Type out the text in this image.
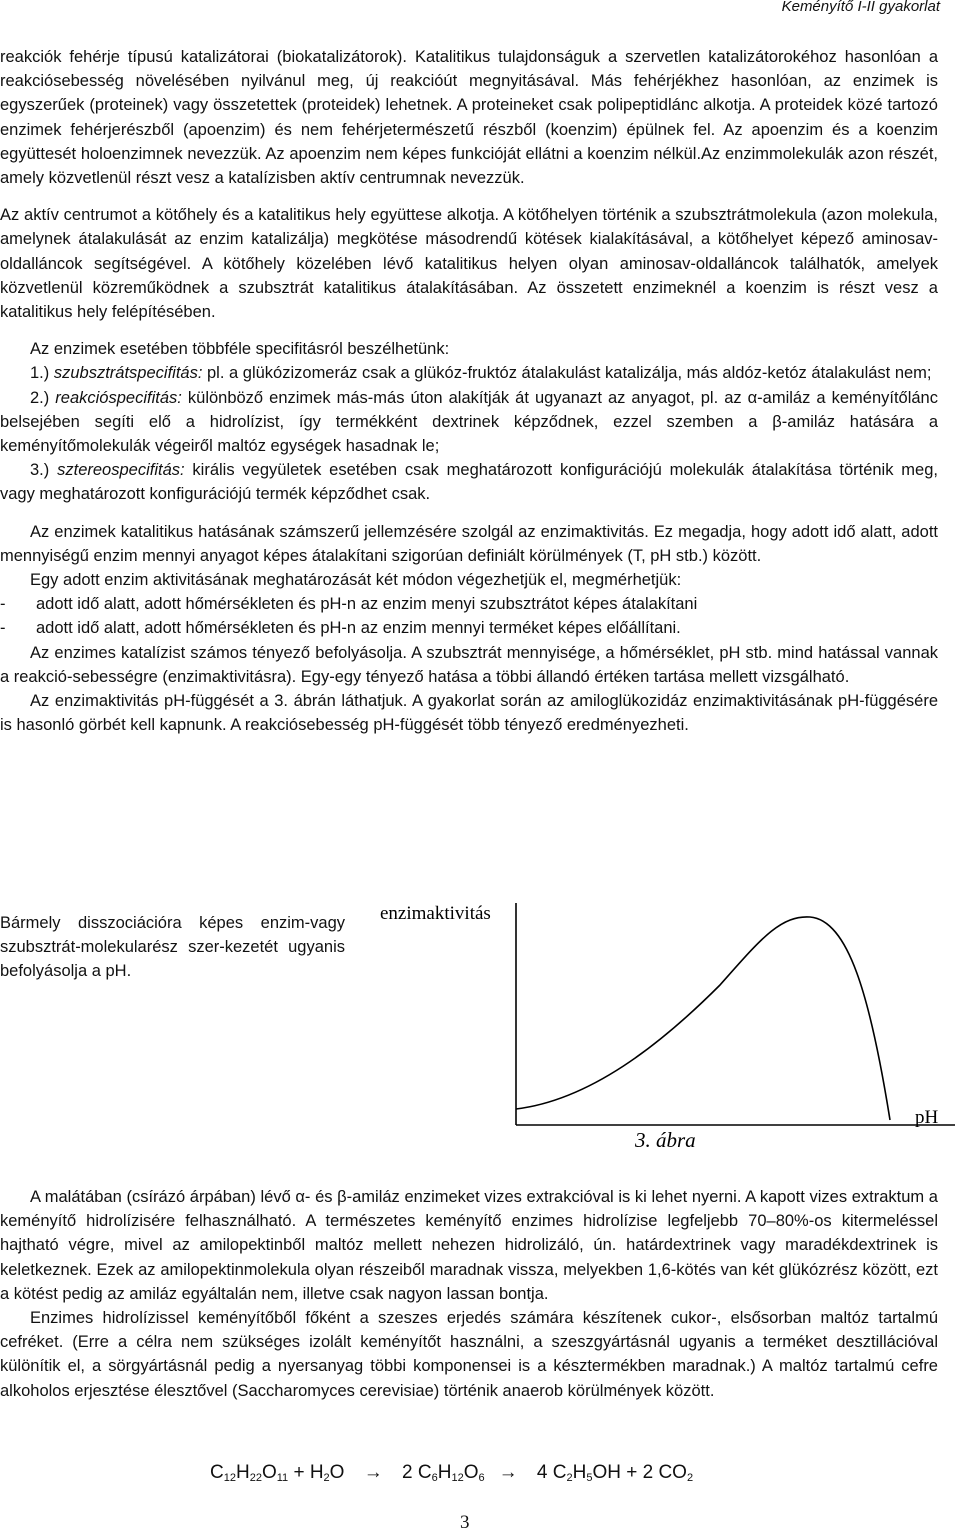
Keményítő I-II gyakorlat

reakciók fehérje típusú katalizátorai (biokatalizátorok). Katalitikus tulajdonságuk a szervetlen katalizátorokéhoz hasonlóan a reakciósebesség növelésében nyilvánul meg, új reakcióút megnyitásával. Más fehérjékhez hasonlóan, az enzimek is egyszerűek (proteinek) vagy összetettek (proteidek) lehetnek. A proteineket csak polipeptidlánc alkotja. A proteidek közé tartozó enzimek fehérjerészből (apoenzim) és nem fehérjetermészetű részből (koenzim) épülnek fel. Az apoenzim és a koenzim együttesét holoenzimnek nevezzük. Az apoenzim nem képes funkcióját ellátni a koenzim nélkül.Az enzimmolekulák azon részét, amely közvetlenül részt vesz a katalízisben aktív centrumnak nevezzük.

Az aktív centrumot a kötőhely és a katalitikus hely együttese alkotja. A kötőhelyen történik a szubsztrátmolekula (azon molekula, amelynek átalakulását az enzim katalizálja) megkötése másodrendű kötések kialakításával, a kötőhelyet képező aminosav-oldalláncok segítségével. A kötőhely közelében lévő katalitikus helyen olyan aminosav-oldalláncok találhatók, amelyek közvetlenül közreműködnek a szubsztrát katalitikus átalakításában. Az összetett enzimeknél a koenzim is részt vesz a katalitikus hely felépítésében.

Az enzimek esetében többféle specifitásról beszélhetünk:

1.) szubsztrátspecifitás: pl. a glükózizomeráz csak a glükóz-fruktóz átalakulást katalizálja, más aldóz-ketóz átalakulást nem;

2.) reakcióspecifitás: különböző enzimek más-más úton alakítják át ugyanazt az anyagot, pl. az α-amiláz a keményítőlánc belsejében segíti elő a hidrolízist, így termékként dextrinek képződnek, ezzel szemben a β-amiláz hatására a keményítőmolekulák végeiről maltóz egységek hasadnak le;

3.) sztereospecifitás: királis vegyületek esetében csak meghatározott konfigurációjú molekulák átalakítása történik meg, vagy meghatározott konfigurációjú termék képződhet csak.

Az enzimek katalitikus hatásának számszerű jellemzésére szolgál az enzimaktivitás. Ez megadja, hogy adott idő alatt, adott mennyiségű enzim mennyi anyagot képes átalakítani szigorúan definiált körülmények (T, pH stb.) között.

Egy adott enzim aktivitásának meghatározását két módon végezhetjük el, megmérhetjük:

- adott idő alatt, adott hőmérsékleten és pH-n az enzim menyi szubsztrátot képes átalakítani

- adott idő alatt, adott hőmérsékleten és pH-n az enzim mennyi terméket képes előállítani.

Az enzimes katalízist számos tényező befolyásolja. A szubsztrát mennyisége, a hőmérséklet, pH stb. mind hatással vannak a reakció-sebességre (enzimaktivitásra). Egy-egy tényező hatása a többi állandó értéken tartása mellett vizsgálható.

Az enzimaktivitás pH-függését a 3. ábrán láthatjuk. A gyakorlat során az amiloglükozidáz enzimaktivitásának pH-függésére is hasonló görbét kell kapnunk. A reakciósebesség pH-függését több tényező eredményezheti.

Bármely disszociációra képes enzim-vagy szubsztrát-molekularész szer-kezetét ugyanis befolyásolja a pH.

enzimaktivitás
pH
3. ábra

A malátában (csírázó árpában) lévő α- és β-amiláz enzimeket vizes extrakcióval is ki lehet nyerni. A kapott vizes extraktum a keményítő hidrolízisére felhasználható. A természetes keményítő enzimes hidrolízise legfeljebb 70–80%-os kitermeléssel hajtható végre, mivel az amilopektinből maltóz mellett nehezen hidrolizáló, ún. határdextrinek vagy maradékdextrinek is keletkeznek. Ezek az amilopektinmolekula olyan részeiből maradnak vissza, melyekben 1,6-kötés van két glükózrész között, ezt a kötést pedig az amiláz egyáltalán nem, illetve csak nagyon lassan bontja.

Enzimes hidrolízissel keményítőből főként a szeszes erjedés számára készítenek cukor-, elsősorban maltóz tartalmú cefréket. (Erre a célra nem szükséges izolált keményítőt használni, a szeszgyártásnál ugyanis a terméket desztillációval különítik el, a sörgyártásnál pedig a nyersanyag többi komponensei is a késztermékben maradnak.) A maltóz tartalmú cefre alkoholos erjesztése élesztővel (Saccharomyces cerevisiae) történik anaerob körülmények között.

$C_{12}H_{22}O_{11} + H_2O \to 2$ $C_6H_{12}O_6 \to 4$ $C_2H_5OH + 2$ $CO_2$
3
